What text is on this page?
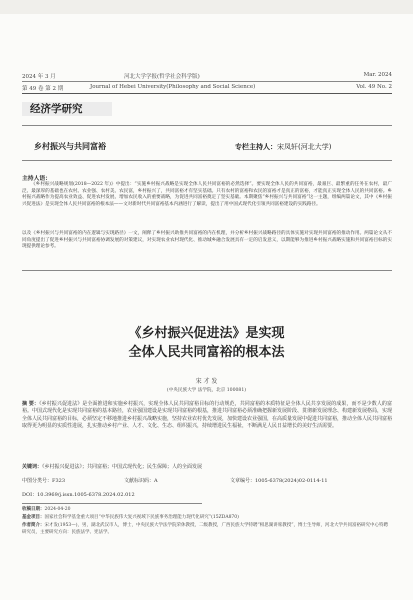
2024 年 3 月	河北大学学报(哲学社会科学版)	Mar. 2024
第 49 卷 第 2 期	Journal of Hebei University(Philosophy and Social Science)	Vol. 49 No. 2
经济学研究
乡村振兴与共同富裕	专栏主持人：宋凤轩(河北大学)
主持人语：
《乡村振兴战略规划(2018—2022 年)》中提出：“实施乡村振兴战略是实现全体人民共同富裕的必然选择”。要实现全体人民的共同富裕，最艰巨、最繁重的任务在农村，最广泛、最深厚的基础也在农村。农业强、农村美、农民富，乡村振兴了，共同富裕才有坚实基础。只有农村的富裕和农民的富裕才是真正的富裕，才能真正实现全体人民的共同富裕。乡村振兴战略作为提高农业效益、促进农村发展、增加农民收入的重要战略，为促进共同富裕奠定了坚实基础。本期聚焦“乡村振兴与共同富裕”这一主题，组编两篇论文，其中《乡村振兴促进法》是实现全体人民共同富裕的根本法——文对新时代共同富裕基本内涵进行了解读，提出了用中国式现代化引领共同富裕建设的实践路径。
以及《乡村振兴与共同富裕的内在逻辑与实现路径》一文，阐释了乡村振兴助推共同富裕的内在机理，并分析乡村振兴战略路径的具体实施对实现共同富裕的推动作用。两篇论文从不同角度提出了促进乡村振兴与共同富裕协调发展的对策建议，对实现农业农村现代化、推动城乡融合发展具有一定的启发意义，以期能够为推进乡村振兴战略实施和共同富裕目标的实现提供理论参考。
《乡村振兴促进法》是实现
全体人民共同富裕的根本法
宋 才 发
(中央民族大学 法学院，北京 100081)
摘 要：《乡村振兴促进法》是全面推进和实施乡村振兴，实现全体人民共同富裕目标的行动规范，共同富裕的本质特征是全体人民共享发展的成果，而不是少数人的富裕。中国式现代化是实现共同富裕的基本路径，农业强国建设是实现共同富裕的根基，推进共同富裕必须准确把握新发展阶段、贯彻新发展理念、构建新发展格局，实现全体人民共同富裕的目标，必须坚定不移地推进乡村振兴战略实施，坚持农业农村优先发展，加快建设农业强国，在高质量发展中促进共同富裕，推动全体人民共同富裕取得更为明显的实质性进展，扎实推动乡村产业、人才、文化、生态、组织振兴，持续增进民生福祉，不断满足人民日益增长的美好生活需要。
关键词：《乡村振兴促进法》；共同富裕；中国式现代化；民生保障；人的全面发展
中图分类号：F323	文献标识码：A	文章编号：1005-6378(2024)02-0114-11
DOI：10.3969/j.issn.1005-6378.2024.02.012
收稿日期：2024-04-20
基金项目：国家社会科学基金重大项目“中华民族伟大复兴视域下民族事务治理能力现代化研究”(15ZDA870)
作者简介：宋才发(1953—)，男，湖北武汉市人，博士，中央民族大学法学院荣休教授，二级教授，广西民族大学特聘“相思湖讲席教授”，博士生导师，河北大学共同富裕研究中心特聘研究员，主要研究方向：民族法学、宪法学。
